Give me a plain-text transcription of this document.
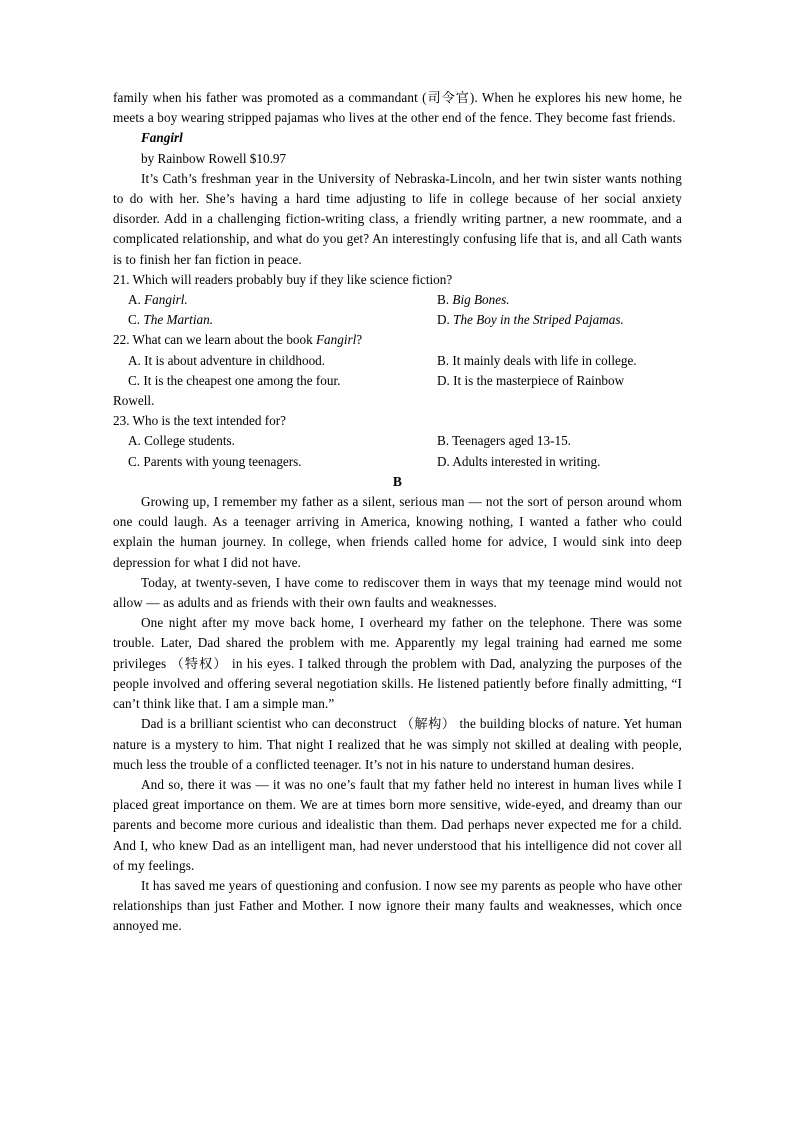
family when his father was promoted as a commandant (司令官). When he explores his new home, he meets a boy wearing stripped pajamas who lives at the other end of the fence. They become fast friends.

Fangirl

by Rainbow Rowell $10.97

It’s Cath’s freshman year in the University of Nebraska-Lincoln, and her twin sister wants nothing to do with her. She’s having a hard time adjusting to life in college because of her social anxiety disorder. Add in a challenging fiction-writing class, a friendly writing partner, a new roommate, and a complicated relationship, and what do you get? An interestingly confusing life that is, and all Cath wants is to finish her fan fiction in peace.

21. Which will readers probably buy if they like science fiction?

A. Fangirl.	B. Big Bones.
C. The Martian.	D. The Boy in the Striped Pajamas.

22. What can we learn about the book Fangirl?

A. It is about adventure in childhood.	B. It mainly deals with life in college.
C. It is the cheapest one among the four.	D. It is the masterpiece of Rainbow
Rowell.

23. Who is the text intended for?

A. College students.	B. Teenagers aged 13-15.
C. Parents with young teenagers.	D. Adults interested in writing.

B

Growing up, I remember my father as a silent, serious man — not the sort of person around whom one could laugh. As a teenager arriving in America, knowing nothing, I wanted a father who could explain the human journey. In college, when friends called home for advice, I would sink into deep depression for what I did not have.

Today, at twenty-seven, I have come to rediscover them in ways that my teenage mind would not allow — as adults and as friends with their own faults and weaknesses.

One night after my move back home, I overheard my father on the telephone. There was some trouble. Later, Dad shared the problem with me. Apparently my legal training had earned me some privileges （特权） in his eyes. I talked through the problem with Dad, analyzing the purposes of the people involved and offering several negotiation skills. He listened patiently before finally admitting, “I can’t think like that. I am a simple man.”

Dad is a brilliant scientist who can deconstruct （解构） the building blocks of nature. Yet human nature is a mystery to him. That night I realized that he was simply not skilled at dealing with people, much less the trouble of a conflicted teenager. It’s not in his nature to understand human desires.

And so, there it was — it was no one’s fault that my father held no interest in human lives while I placed great importance on them. We are at times born more sensitive, wide-eyed, and dreamy than our parents and become more curious and idealistic than them. Dad perhaps never expected me for a child. And I, who knew Dad as an intelligent man, had never understood that his intelligence did not cover all of my feelings.

It has saved me years of questioning and confusion. I now see my parents as people who have other relationships than just Father and Mother. I now ignore their many faults and weaknesses, which once annoyed me.
